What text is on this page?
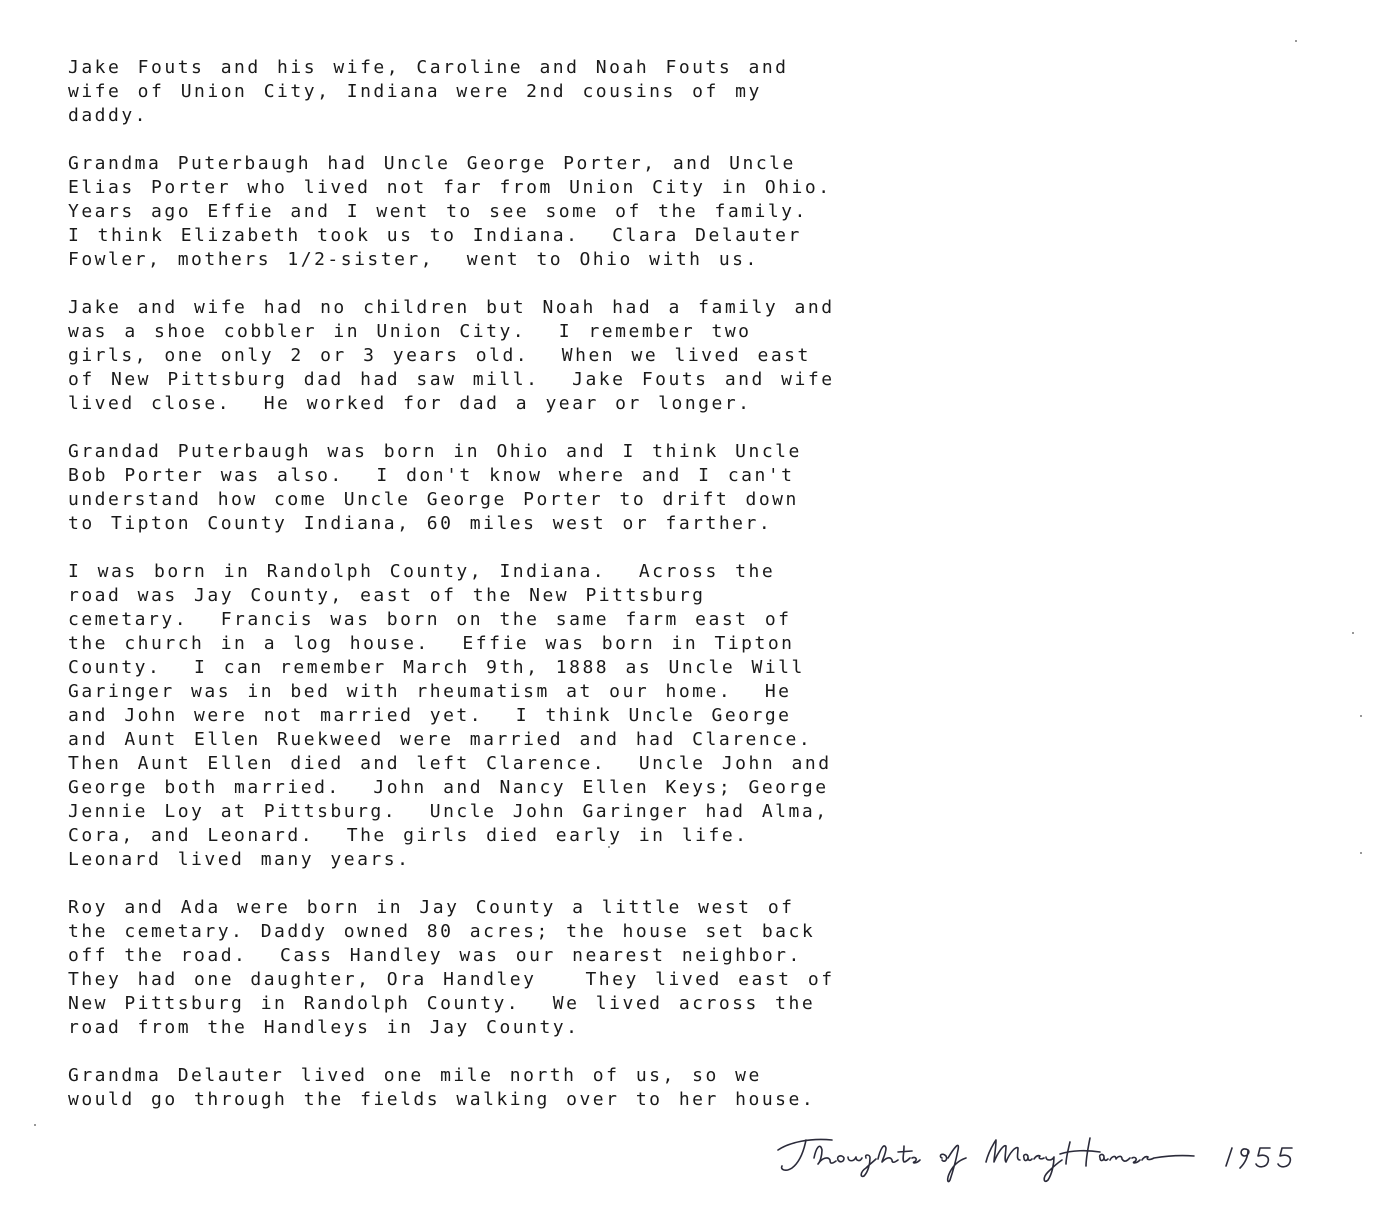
Jake Fouts and his wife, Caroline and Noah Fouts and
wife of Union City, Indiana were 2nd cousins of my
daddy.
Grandma Puterbaugh had Uncle George Porter, and Uncle
Elias Porter who lived not far from Union City in Ohio.
Years ago Effie and I went to see some of the family.
I think Elizabeth took us to Indiana.  Clara Delauter
Fowler, mothers 1/2-sister,  went to Ohio with us.
Jake and wife had no children but Noah had a family and
was a shoe cobbler in Union City.  I remember two
girls, one only 2 or 3 years old.  When we lived east
of New Pittsburg dad had saw mill.  Jake Fouts and wife
lived close.  He worked for dad a year or longer.
Grandad Puterbaugh was born in Ohio and I think Uncle
Bob Porter was also.  I don't know where and I can't
understand how come Uncle George Porter to drift down
to Tipton County Indiana, 60 miles west or farther.
I was born in Randolph County, Indiana.  Across the
road was Jay County, east of the New Pittsburg
cemetary.  Francis was born on the same farm east of
the church in a log house.  Effie was born in Tipton
County.  I can remember March 9th, 1888 as Uncle Will
Garinger was in bed with rheumatism at our home.  He
and John were not married yet.  I think Uncle George
and Aunt Ellen Ruekweed were married and had Clarence.
Then Aunt Ellen died and left Clarence.  Uncle John and
George both married.  John and Nancy Ellen Keys; George
Jennie Loy at Pittsburg.  Uncle John Garinger had Alma,
Cora, and Leonard.  The girls died early in life.
Leonard lived many years.
Roy and Ada were born in Jay County a little west of
the cemetary. Daddy owned 80 acres; the house set back
off the road.  Cass Handley was our nearest neighbor.
They had one daughter, Ora Handley   They lived east of
New Pittsburg in Randolph County.  We lived across the
road from the Handleys in Jay County.
Grandma Delauter lived one mile north of us, so we
would go through the fields walking over to her house.
